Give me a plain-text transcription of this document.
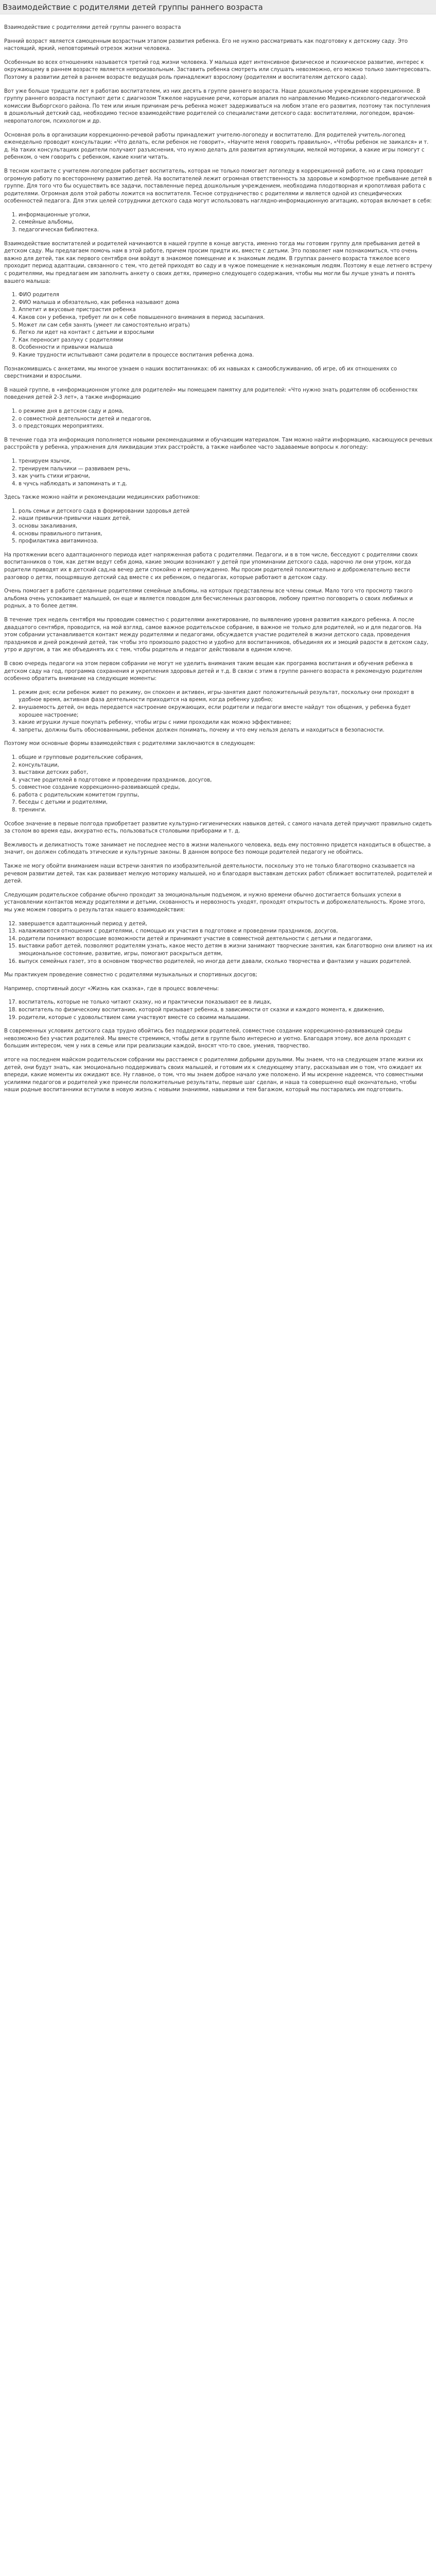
Взаимодействие с родителями детей группы раннего возраста

Взаимодействие с родителями детей группы раннего возраста

Ранний возраст является самоценным возрастным этапом развития ребенка. Его не нужно рассматривать как подготовку к детскому саду. Это настоящий, яркий, неповторимый отрезок жизни человека.

Особенным во всех отношениях называется третий год жизни человека. У малыша идет интенсивное физическое и психическое развитие, интерес к окружающему в раннем возрасте является непроизвольным. Заставить ребенка смотреть или слушать невозможно, его можно только заинтересовать. Поэтому в развитии детей в раннем возрасте ведущая роль принадлежит взрослому (родителям и воспитателям детского сада).

Вот уже больше тридцати лет я работаю воспитателем, из них десять в группе раннего возраста. Наше дошкольное учреждение коррекционное. В группу раннего возраста поступают дети с диагнозом Тяжелое нарушение речи, которым апалия по направлению Медико-психолого-педагогической комиссии Выборгского района. По тем или иным причинам речь ребенка может задерживаться на любом этапе его развития, поэтому так поступления в дошкольный детский сад, необходимо тесное взаимодействие родителей со специалистами детского сада: воспитателями, логопедом, врачом-невропатологом, психологом и др.

Основная роль в организации коррекционно-речевой работы принадлежит учителю-логопеду и воспитателю. Для родителей учитель-логопед еженедельно проводит консультации: «Что делать, если ребенок не говорит», «Научите меня говорить правильно», «Чтобы ребенок не заикался» и т. д. На таких консультациях родители получают разъяснения, что нужно делать для развития артикуляции, мелкой моторики, а какие игры помогут с ребенком, о чем говорить с ребенком, какие книги читать.

В тесном контакте с учителем-логопедом работает воспитатель, которая не только помогает логопеду в коррекционной работе, но и сама проводит огромную работу по всестороннему развитию детей. На воспитателей лежит огромная ответственность за здоровье и комфортное пребывание детей в группе. Для того что бы осуществить все задачи, поставленные перед дошкольным учреждением, необходима плодотворная и кропотливая работа с родителями. Огромная доля этой работы ложится на воспитателя. Тесное сотрудничество с родителями и является одной из специфических особенностей педагога. Для этих целей сотрудники детского сада могут использовать наглядно-информационную агитацию, которая включает в себя:

1. информационные уголки,
2. семейные альбомы,
3. педагогическая библиотека.

Взаимодействие воспитателей и родителей начинаются в нашей группе в конце августа, именно тогда мы готовим группу для пребывания детей в детском саду. Мы предлагаем помочь нам в этой работе, причем просим придти их, вместе с детьми. Это позволяет нам познакомиться, что очень важно для детей, так как первого сентября они войдут в знакомое помещение и к знакомым людям. В группах раннего возраста тяжелое всего проходит период адаптации, связанного с тем, что детей приходят во саду и в чужое помещение к незнакомым людям. Поэтому я еще летнего встречу с родителями, мы предлагаем им заполнить анкету о своих детях, примерно следующего содержания, чтобы мы могли бы лучше узнать и понять вашего малыша:

1. ФИО родителя
2. ФИО малыша и обязательно, как ребенка называют дома
3. Аппетит и вкусовые пристрастия ребенка
4. Каков сон у ребенка, требует ли он к себе повышенного внимания в период засыпания.
5. Может ли сам себя занять (умеет ли самостоятельно играть)
6. Легко ли идет на контакт с детьми и взрослыми
7. Как переносит разлуку с родителями
8. Особенности и привычки малыша
9. Какие трудности испытывают сами родители в процессе воспитания ребенка дома.

Познакомившись с анкетами, мы многое узнаем о наших воспитанниках: об их навыках к самообслуживанию, об игре, об их отношениях со сверстниками и взрослыми.

В нашей группе, в «информационном уголке для родителей» мы помещаем памятку для родителей: «Что нужно знать родителям об особенностях поведения детей 2-3 лет», а также информацию

1. о режиме дня в детском саду и дома,
2. о совместной деятельности детей и педагогов,
3. о предстоящих мероприятиях.

В течение года эта информация пополняется новыми рекомендациями и обучающим материалом. Там можно найти информацию, касающуюся речевых расстройств у ребенка, упражнения для ликвидации этих расстройств, а также наиболее часто задаваемые вопросы к логопеду:

1. тренируем язычок,
2. тренируем пальчики — развиваем речь,
3. как учить стихи играючи,
4. в чучсь наблюдать и запоминать и т.д.

Здесь также можно найти и рекомендации медицинских работников:

1. роль семьи и детского сада в формировании здоровья детей
2. наши привычки-привычки наших детей,
3. основы закаливания,
4. основы правильного питания,
5. профилактика авитаминоза.

На протяжении всего адаптационного периода идет напряженная работа с родителями. Педагоги, и в в том числе, бесседуют с родителями своих воспитанников о том, как детям ведут себя дома, какие эмоции возникают у детей при упоминании детского сада, нарочно ли они утром, когда родители приводят их в детский сад,на вечер дети спокойно и непринужденно. Мы просим родителей положительно и доброжелательно вести разговор о детях, поощрявшую детский сад вместе с их ребенком, о педагогах, которые работают в детском саду.

Очень помогает в работе сделанные родителями семейные альбомы, на которых представлены все члены семьи. Мало того что просмотр такого альбома очень успокаивает малышей, он еще и является поводом для бесчисленных разговоров, любому приятно поговорить о своих любимых и родных, а то более детям.

В течение трех недель сентября мы проводим совместно с родителями анкетирование, по выявлению уровня развития каждого ребенка. А после двадцатого сентября, проводится, на мой взгляд, самое важное родительское собрание, в важное не только для родителей, но и для педагогов. На этом собрании устанавливается контакт между родителями и педагогами, обсуждается участие родителей в жизни детского сада, проведения праздников и дней рождений детей, так чтобы это произошло радостно и удобно для воспитанников, объединяя их и эмоций радости в детском саду, утро и другом, а так же объединять их с тем, чтобы родитель и педагог действовали в едином ключе.

В свою очередь педагоги на этом первом собрании не могут не уделить внимания таким вещам как программа воспитания и обучения ребенка в детском саду на год, программа сохранения и укрепления здоровья детей и т.д. В связи с этим в группе раннего возраста я рекомендую родителям особенно обратить внимание на следующие моменты:

1. режим дня; если ребенок живет по режиму, он спокоен и активен, игры-занятия дают положительный результат, поскольку они проходят в удобное время, активная фаза деятельности приходится на время, когда ребенку удобно;
2. внушаемость детей, он ведь передается настроение окружающих, если родители и педагоги вместе найдут тон общения, у ребенка будет хорошее настроение;
3. какие игрушки лучше покупать ребенку, чтобы игры с ними проходили как можно эффективнее;
4. запреты, должны быть обоснованными, ребенок должен понимать, почему и что ему нельзя делать и находиться в безопасности.

Поэтому мои основные формы взаимодействия с родителями заключаются в следующем:

1. общие и групповые родительские собрания,
2. консультации,
3. выставки детских работ,
4. участие родителей в подготовке и проведении праздников, досугов,
5. совместное создание коррекционно-развивающей среды,
6. работа с родительским комитетом группы,
7. беседы с детьми и родителями,
8. тренинги.

Особое значение в первые полгода приобретает развитие культурно-гигиенических навыков детей, с самого начала детей приучают правильно сидеть за столом во время еды, аккуратно есть, пользоваться столовыми приборами и т. д.

Вежливость и деликатность тоже занимает не последнее место в жизни маленького человека, ведь ему постоянно придется находиться в обществе, а значит, он должен соблюдать этические и культурные законы. В данном вопросе без помощи родителей педагогу не обойтись.

Также не могу обойти вниманием наши встречи-занятия по изобразительной деятельности, поскольку это не только благотворно сказывается на речевом развитии детей, так как развивает мелкую моторику малышей, но и благодаря выставкам детских работ сближает воспитателей, родителей и детей.

Следующим родительское собрание обычно проходит за эмоциональным подъемом, и нужно времени обычно достигается больших успехи в установлении контактов между родителями и детьми, скованность и нервозность уходят, проходят открытость и доброжелательность. Кроме этого, мы уже можем говорить о результатах нашего взаимодействия:

12. завершается адаптационный период у детей,
13. налаживаются отношения с родителями, с помощью их участия в подготовке и проведении праздников, досугов,
14. родители понимают возросшие возможности детей и принимают участие в совместной деятельности с детьми и педагогами,
15. выставки работ детей, позволяют родителям узнать, какое место детям в жизни занимают творческие занятия, как благотворно они влияют на их эмоциональное состояние, развитие, игры, помогают раскрыться детям,
16. выпуск семейных газет, это в основном творчество родителей, но иногда дети давали, сколько творчества и фантазии у наших родителей.

Мы практикуем проведение совместно с родителями музыкальных и спортивных досугов;

Например, спортивный досуг «Жизнь как сказка», где в процесс вовлечены:

17. воспитатель, которые не только читают сказку, но и практически показывают ее в лицах,
18. воспитатель по физическому воспитанию, которой призывает ребенка, в зависимости от сказки и каждого момента, к движению,
19. родители, которые с удовольствием сами участвуют вместе со своими малышами.

В современных условиях детского сада трудно обойтись без поддержки родителей, совместное создание коррекционно-развивающей среды невозможно без участия родителей. Мы вместе стремимся, чтобы дети в группе было интересно и уютно. Благодаря этому, все дела проходят с большим интересом, чем у них в семье или при реализации каждой, вносят что-то свое, умения, творчество.

итоге на последнем майском родительском собрании мы расстаемся с родителями добрыми друзьями. Мы знаем, что на следующем этапе жизни их детей, они будут знать, как эмоционально поддерживать своих малышей, и готовим их к следующему этапу, рассказывая им о том, что ожидает их впереди, какие моменты их ожидают все. Ну главное, о том, что мы знаем доброе начало уже положено. И мы искренне надеемся, что совместными усилиями педагогов и родителей уже принесли положительные результаты, первые шаг сделан, и наша та совершенно ещё окончательно, чтобы наши родные воспитанники вступили в новую жизнь с новыми знаниями, навыками и тем багажом, который мы постарались им подготовить.
